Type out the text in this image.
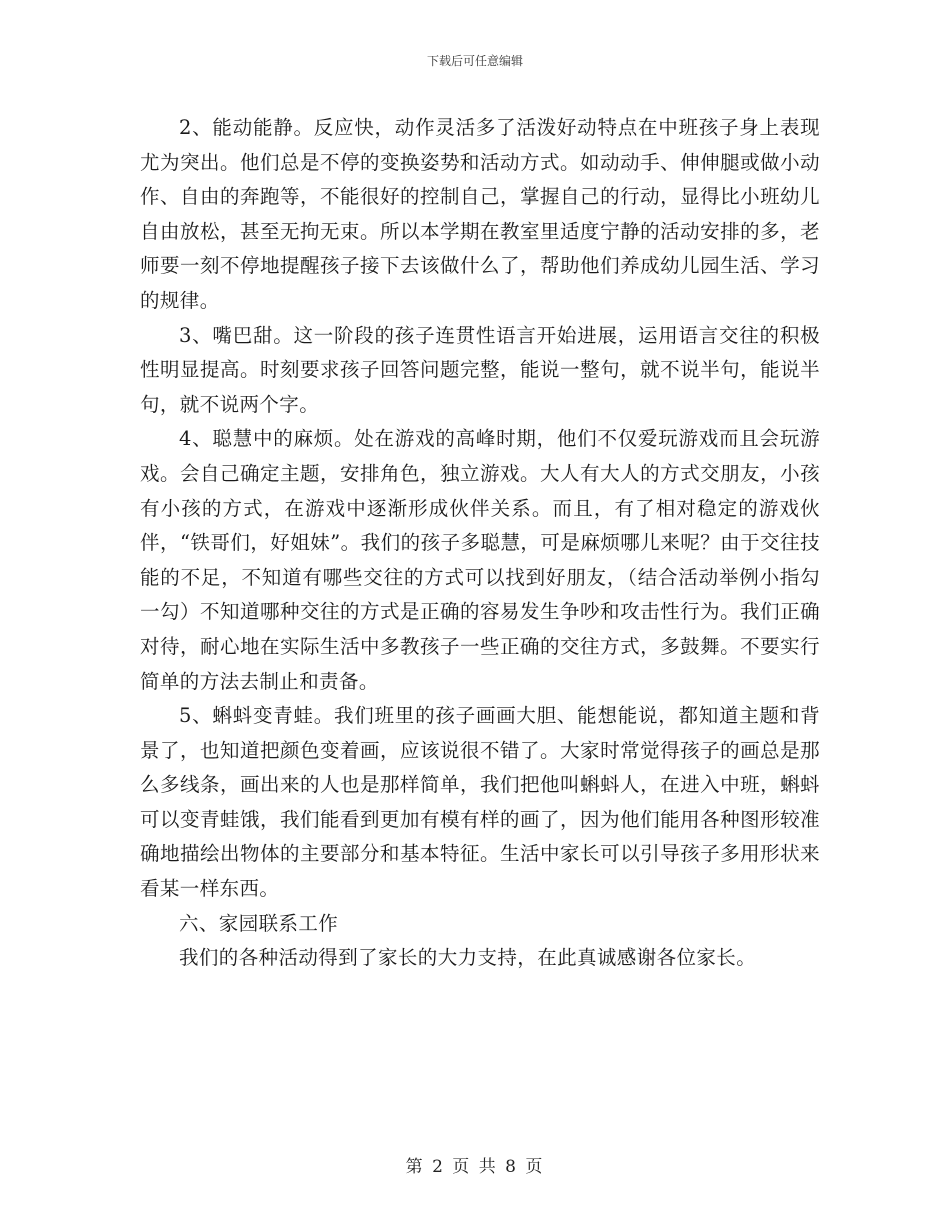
下载后可任意编辑

2、能动能静。反应快，动作灵活多了活泼好动特点在中班孩子身上表现尤为突出。他们总是不停的变换姿势和活动方式。如动动手、伸伸腿或做小动作、自由的奔跑等，不能很好的控制自己，掌握自己的行动，显得比小班幼儿自由放松，甚至无拘无束。所以本学期在教室里适度宁静的活动安排的多，老师要一刻不停地提醒孩子接下去该做什么了，帮助他们养成幼儿园生活、学习的规律。

3、嘴巴甜。这一阶段的孩子连贯性语言开始进展，运用语言交往的积极性明显提高。时刻要求孩子回答问题完整，能说一整句，就不说半句，能说半句，就不说两个字。

4、聪慧中的麻烦。处在游戏的高峰时期，他们不仅爱玩游戏而且会玩游戏。会自己确定主题，安排角色，独立游戏。大人有大人的方式交朋友，小孩有小孩的方式，在游戏中逐渐形成伙伴关系。而且，有了相对稳定的游戏伙伴，“铁哥们，好姐妹”。我们的孩子多聪慧，可是麻烦哪儿来呢？由于交往技能的不足，不知道有哪些交往的方式可以找到好朋友，（结合活动举例小指勾一勾）不知道哪种交往的方式是正确的容易发生争吵和攻击性行为。我们正确对待，耐心地在实际生活中多教孩子一些正确的交往方式，多鼓舞。不要实行简单的方法去制止和责备。

5、蝌蚪变青蛙。我们班里的孩子画画大胆、能想能说，都知道主题和背景了，也知道把颜色变着画，应该说很不错了。大家时常觉得孩子的画总是那么多线条，画出来的人也是那样简单，我们把他叫蝌蚪人，在进入中班，蝌蚪可以变青蛙饿，我们能看到更加有模有样的画了，因为他们能用各种图形较准确地描绘出物体的主要部分和基本特征。生活中家长可以引导孩子多用形状来看某一样东西。

六、家园联系工作

我们的各种活动得到了家长的大力支持，在此真诚感谢各位家长。

第 2 页 共 8 页
